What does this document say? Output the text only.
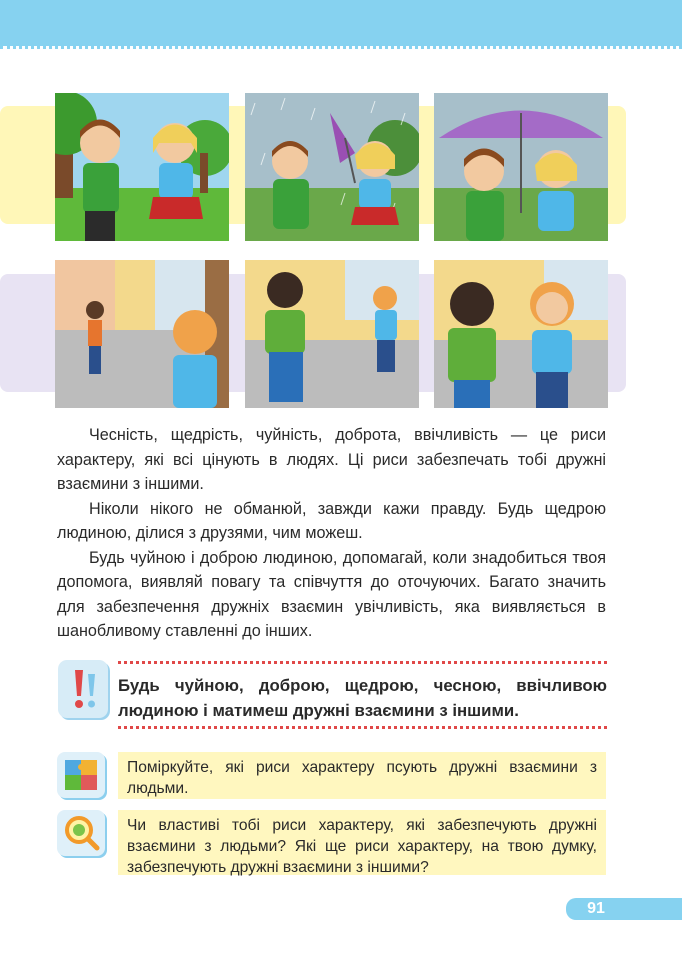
Чесність, щедрість, чуйність, доброта, ввічливість — це риси характеру, які всі цінують в людях. Ці риси забезпечать тобі дружні взаємини з іншими.

Ніколи нікого не обманюй, завжди кажи правду. Будь щедрою людиною, ділися з друзями, чим можеш.

Будь чуйною і доброю людиною, допомагай, коли знадобиться твоя допомога, виявляй повагу та співчуття до оточуючих. Багато значить для забезпечення дружніх взаємин увічливість, яка виявляється в шанобливому ставленні до інших.

Будь чуйною, доброю, щедрою, чесною, ввічливою людиною і матимеш дружні взаємини з іншими.
Поміркуйте, які риси характеру псують дружні взаємини з людьми.
Чи властиві тобі риси характеру, які забезпечують дружні взаємини з людьми? Які ще риси характеру, на твою думку, забезпечують дружні взаємини з іншими?
91
